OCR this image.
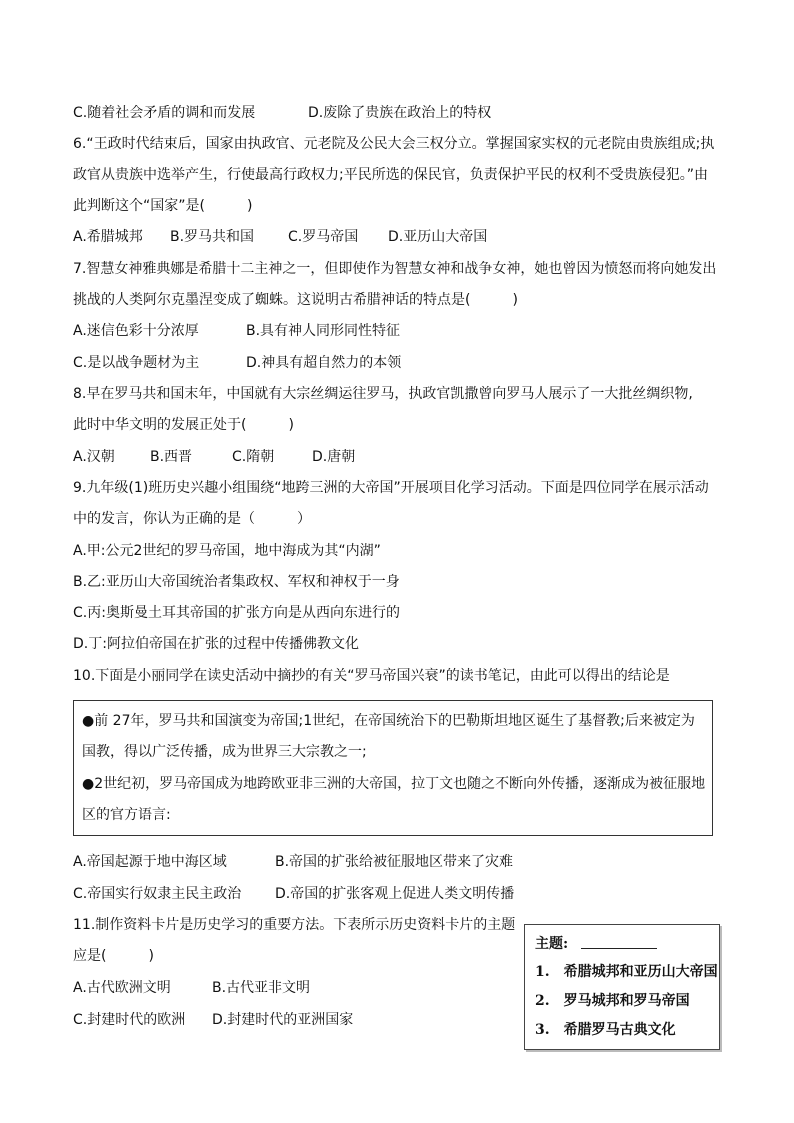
C.随着社会矛盾的调和而发展	D.废除了贵族在政治上的特权
6.“王政时代结束后，国家由执政官、元老院及公民大会三权分立。掌握国家实权的元老院由贵族组成;执
政官从贵族中选举产生，行使最高行政权力;平民所选的保民官，负责保护平民的权利不受贵族侵犯。”由
此判断这个“国家”是(　　　)
A.希腊城邦 B.罗马共和国 C.罗马帝国 D.亚历山大帝国
7.智慧女神雅典娜是希腊十二主神之一，但即使作为智慧女神和战争女神，她也曾因为愤怒而将向她发出
挑战的人类阿尔克墨涅变成了蜘蛛。这说明古希腊神话的特点是(　　　)
A.迷信色彩十分浓厚	B.具有神人同形同性特征
C.是以战争题材为主	D.神具有超自然力的本领
8.早在罗马共和国末年，中国就有大宗丝绸运往罗马，执政官凯撒曾向罗马人展示了一大批丝绸织物,
此时中华文明的发展正处于(　　　)
A.汉朝	B.西晋	C.隋朝	D.唐朝
9.九年级(1)班历史兴趣小组围绕“地跨三洲的大帝国”开展项目化学习活动。下面是四位同学在展示活动
中的发言，你认为正确的是（　　　）
A.甲:公元2世纪的罗马帝国，地中海成为其“内湖”
B.乙:亚历山大帝国统治者集政权、军权和神权于一身
C.丙:奥斯曼土耳其帝国的扩张方向是从西向东进行的
D.丁:阿拉伯帝国在扩张的过程中传播佛教文化
10.下面是小丽同学在读史活动中摘抄的有关“罗马帝国兴衰”的读书笔记，由此可以得出的结论是
●前 27年，罗马共和国演变为帝国;1世纪，在帝国统治下的巴勒斯坦地区诞生了基督教;后来被定为
国教，得以广泛传播，成为世界三大宗教之一;
●2世纪初，罗马帝国成为地跨欧亚非三洲的大帝国，拉丁文也随之不断向外传播，逐渐成为被征服地
区的官方语言:
A.帝国起源于地中海区域	B.帝国的扩张给被征服地区带来了灾难
C.帝国实行奴隶主民主政治 D.帝国的扩张客观上促进人类文明传播
11.制作资料卡片是历史学习的重要方法。下表所示历史资料卡片的主题
应是(　　　)
A.古代欧洲文明	B.古代亚非文明
C.封建时代的欧洲 D.封建时代的亚洲国家
主题:
1.　希腊城邦和亚历山大帝国
2.　罗马城邦和罗马帝国
3.　希腊罗马古典文化
